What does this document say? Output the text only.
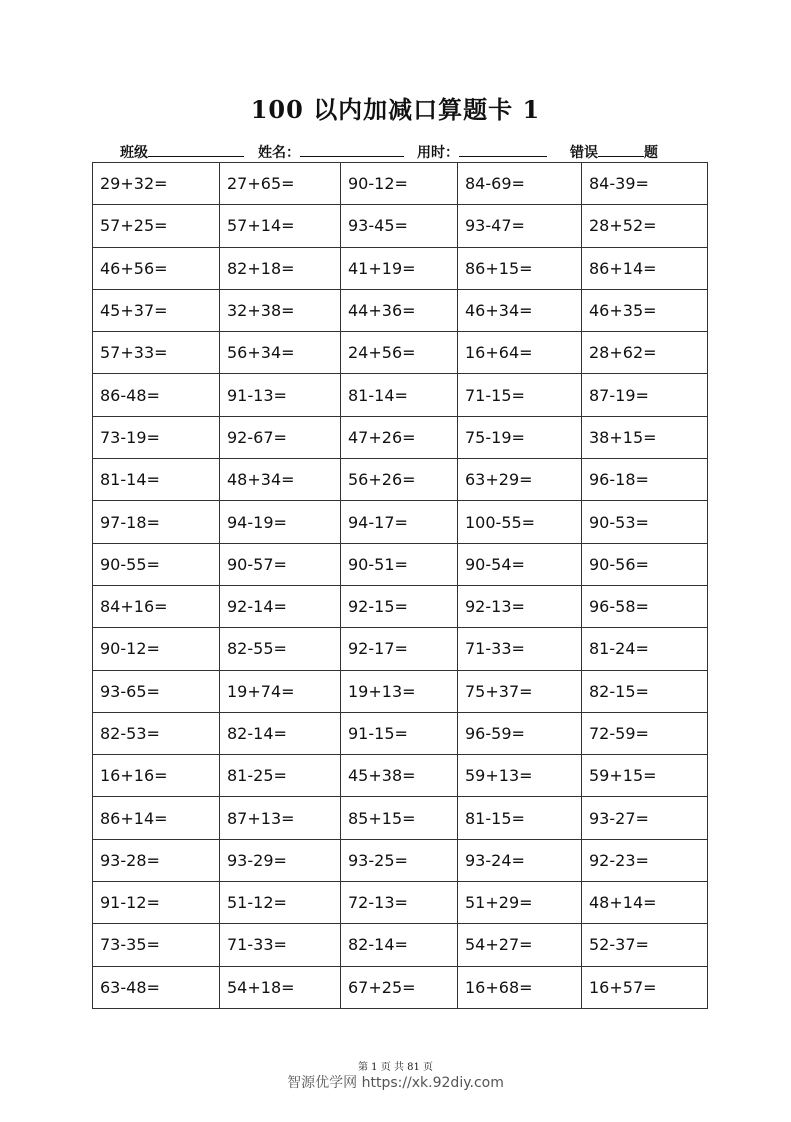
100 以内加减口算题卡 1
班级	姓名：	用时：	错误	题
29+32=	27+65=	90-12=	84-69=	84-39=
57+25=	57+14=	93-45=	93-47=	28+52=
46+56=	82+18=	41+19=	86+15=	86+14=
45+37=	32+38=	44+36=	46+34=	46+35=
57+33=	56+34=	24+56=	16+64=	28+62=
86-48=	91-13=	81-14=	71-15=	87-19=
73-19=	92-67=	47+26=	75-19=	38+15=
81-14=	48+34=	56+26=	63+29=	96-18=
97-18=	94-19=	94-17=	100-55=	90-53=
90-55=	90-57=	90-51=	90-54=	90-56=
84+16=	92-14=	92-15=	92-13=	96-58=
90-12=	82-55=	92-17=	71-33=	81-24=
93-65=	19+74=	19+13=	75+37=	82-15=
82-53=	82-14=	91-15=	96-59=	72-59=
16+16=	81-25=	45+38=	59+13=	59+15=
86+14=	87+13=	85+15=	81-15=	93-27=
93-28=	93-29=	93-25=	93-24=	92-23=
91-12=	51-12=	72-13=	51+29=	48+14=
73-35=	71-33=	82-14=	54+27=	52-37=
63-48=	54+18=	67+25=	16+68=	16+57=
第 1 页 共 81 页
智源优学网 https://xk.92diy.com
